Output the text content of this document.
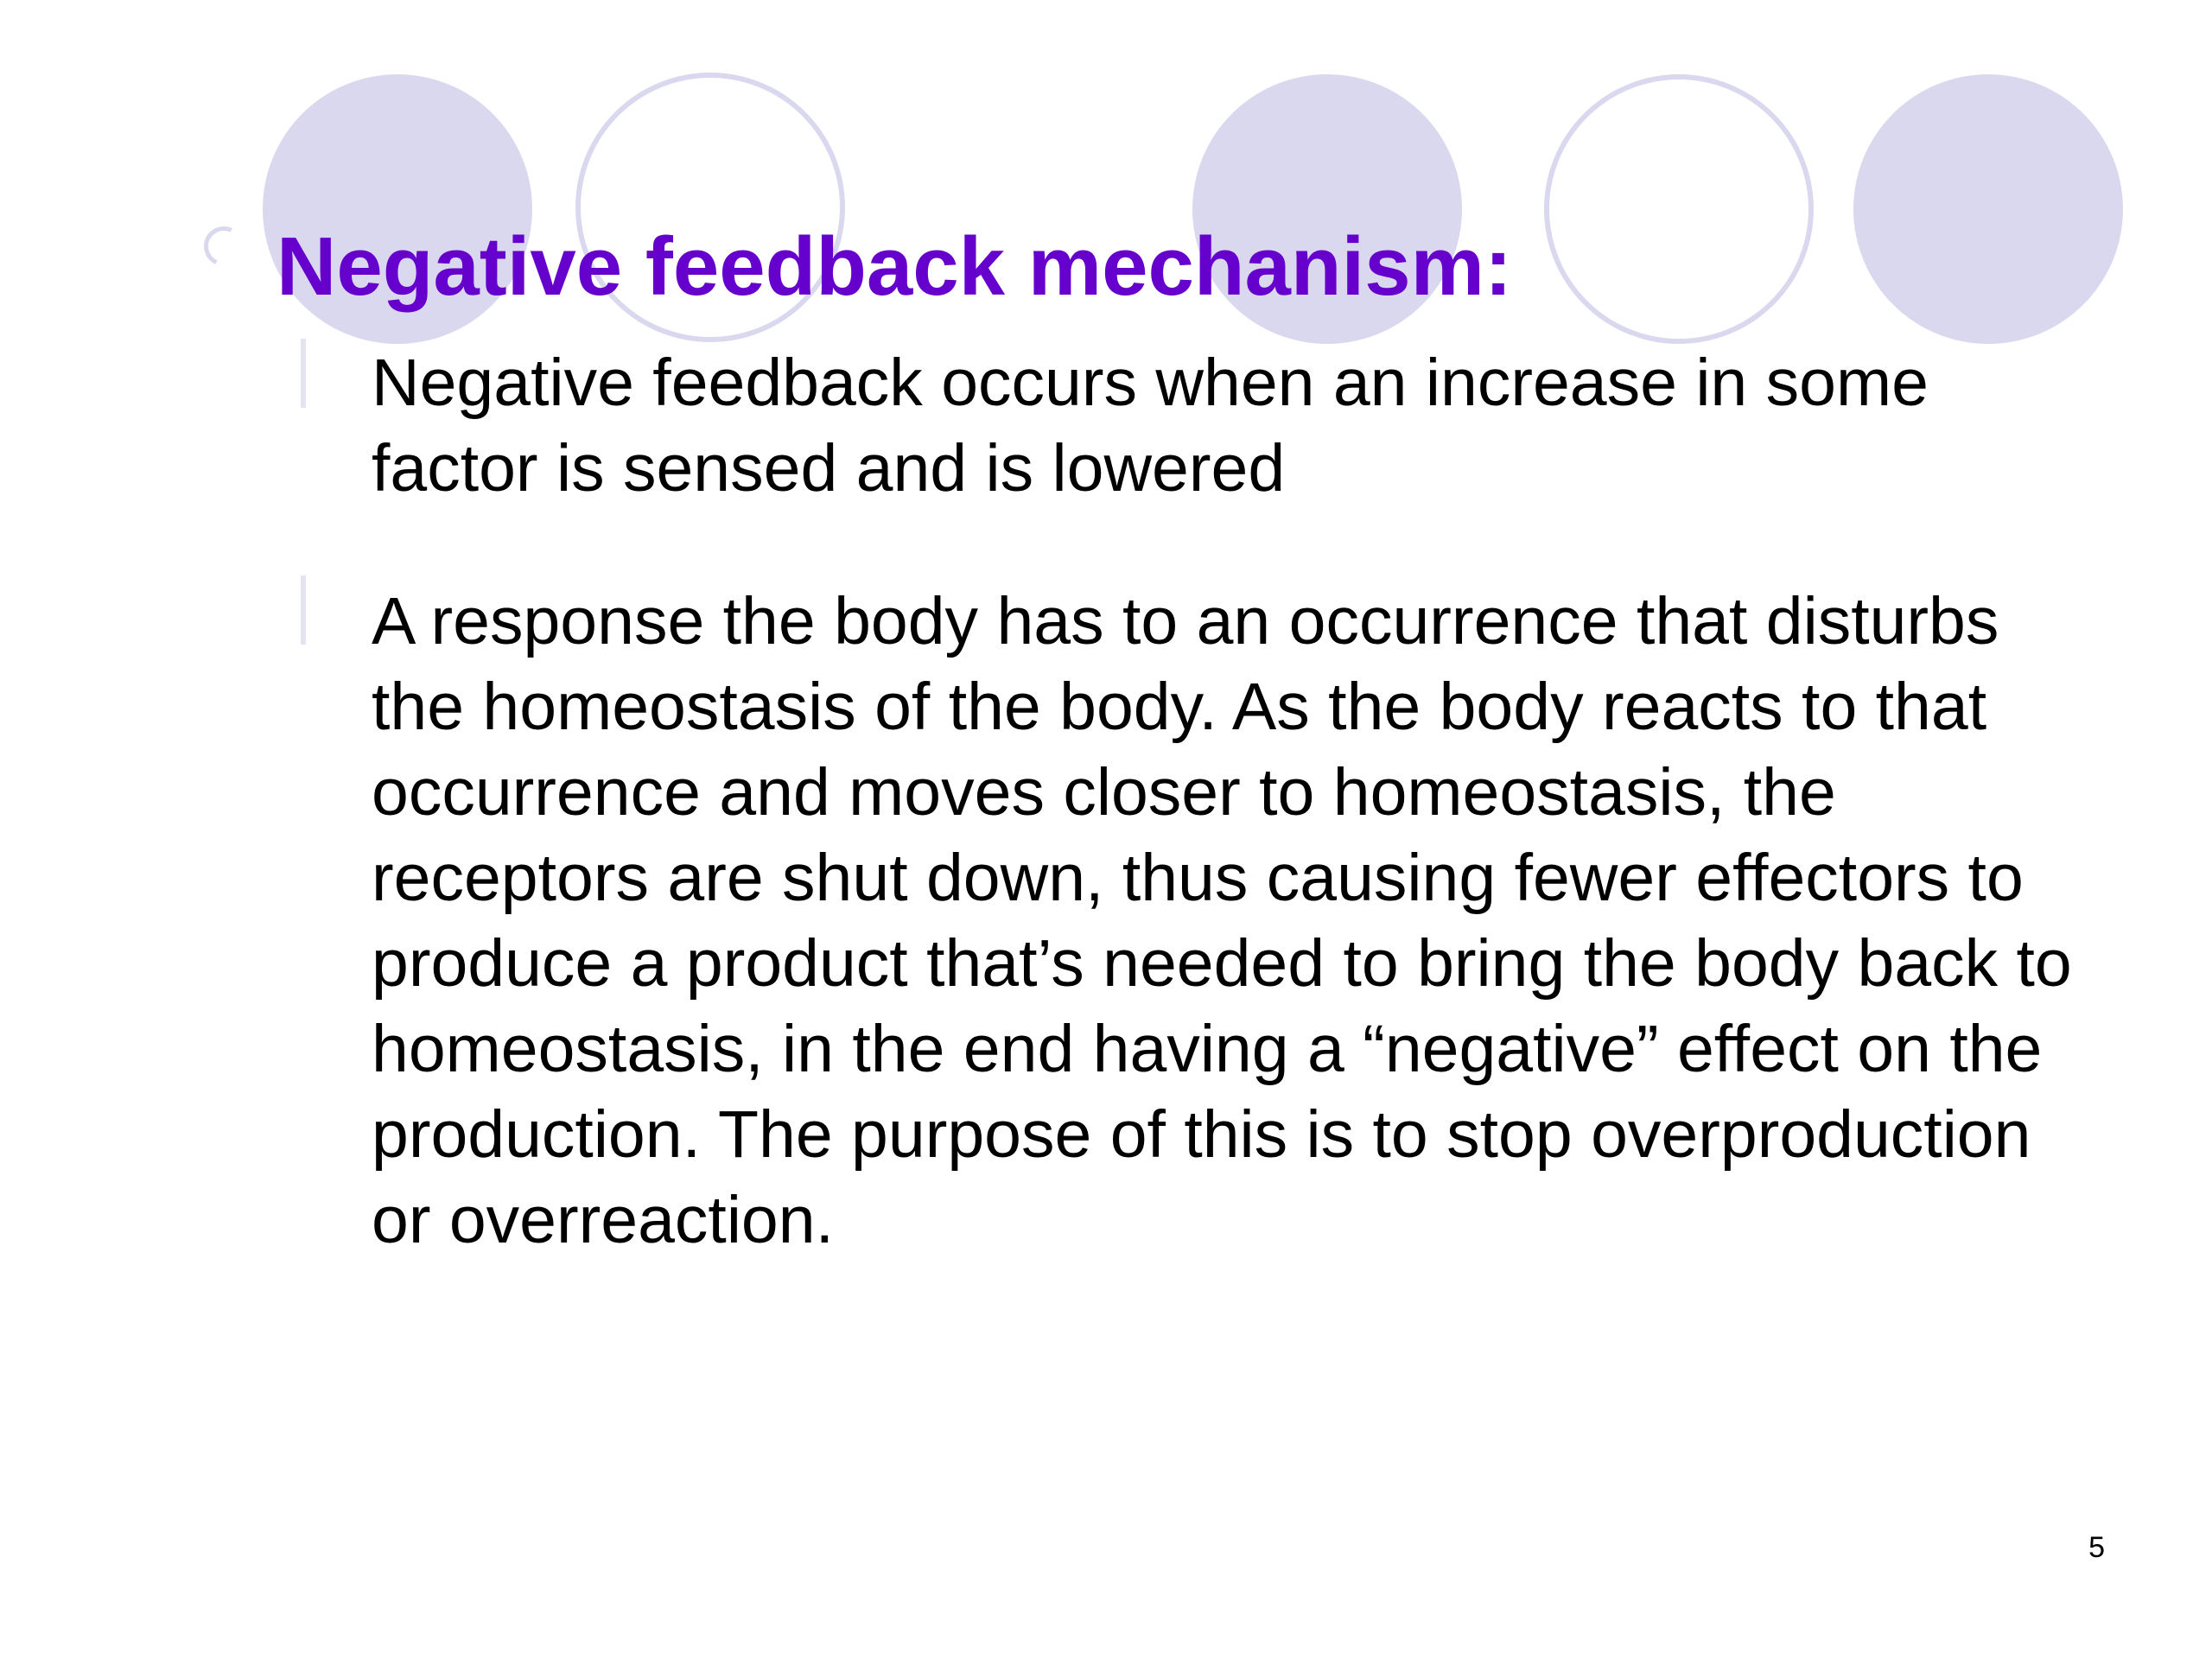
Negative feedback mechanism:

Negative feedback occurs when an increase in some factor is sensed and is lowered

A response the body has to an occurrence that disturbs the homeostasis of the body. As the body reacts to that occurrence and moves closer to homeostasis, the receptors are shut down, thus causing fewer effectors to produce a product that’s needed to bring the body back to homeostasis, in the end having a “negative” effect on the production. The purpose of this is to stop overproduction or overreaction.

5
